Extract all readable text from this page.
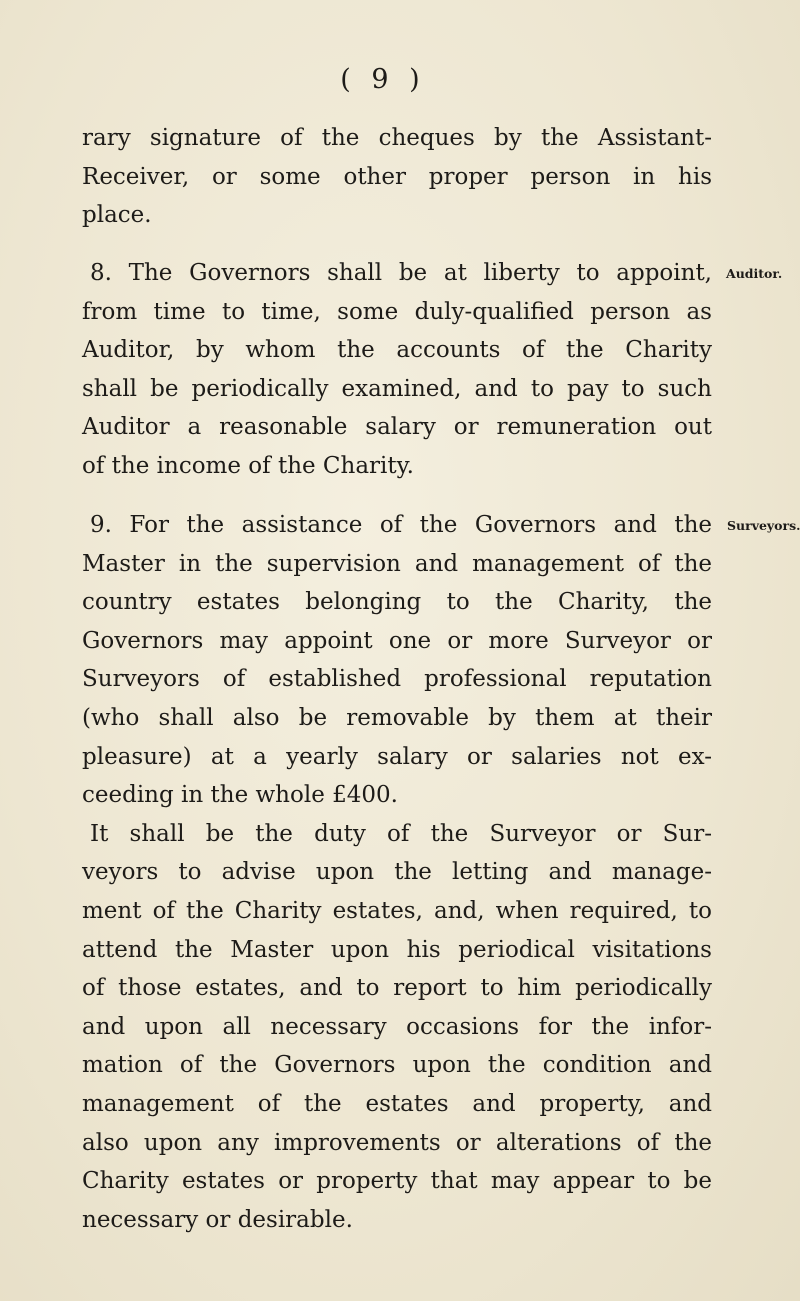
( 9 )
rary signature of the cheques by the Assistant-
Receiver, or some other proper person in his
place.
8. The Governors shall be at liberty to appoint,
from time to time, some duly-qualified person as
Auditor, by whom the accounts of the Charity
shall be periodically examined, and to pay to such
Auditor a reasonable salary or remuneration out
of the income of the Charity.
Auditor.
9. For the assistance of the Governors and the
Master in the supervision and management of the
country estates belonging to the Charity, the
Governors may appoint one or more Surveyor or
Surveyors of established professional reputation
(who shall also be removable by them at their
pleasure) at a yearly salary or salaries not ex-
ceeding in the whole £400.
It shall be the duty of the Surveyor or Sur-
veyors to advise upon the letting and manage-
ment of the Charity estates, and, when required, to
attend the Master upon his periodical visitations
of those estates, and to report to him periodically
and upon all necessary occasions for the infor-
mation of the Governors upon the condition and
management of the estates and property, and
also upon any improvements or alterations of the
Charity estates or property that may appear to be
necessary or desirable.
Surveyors.
